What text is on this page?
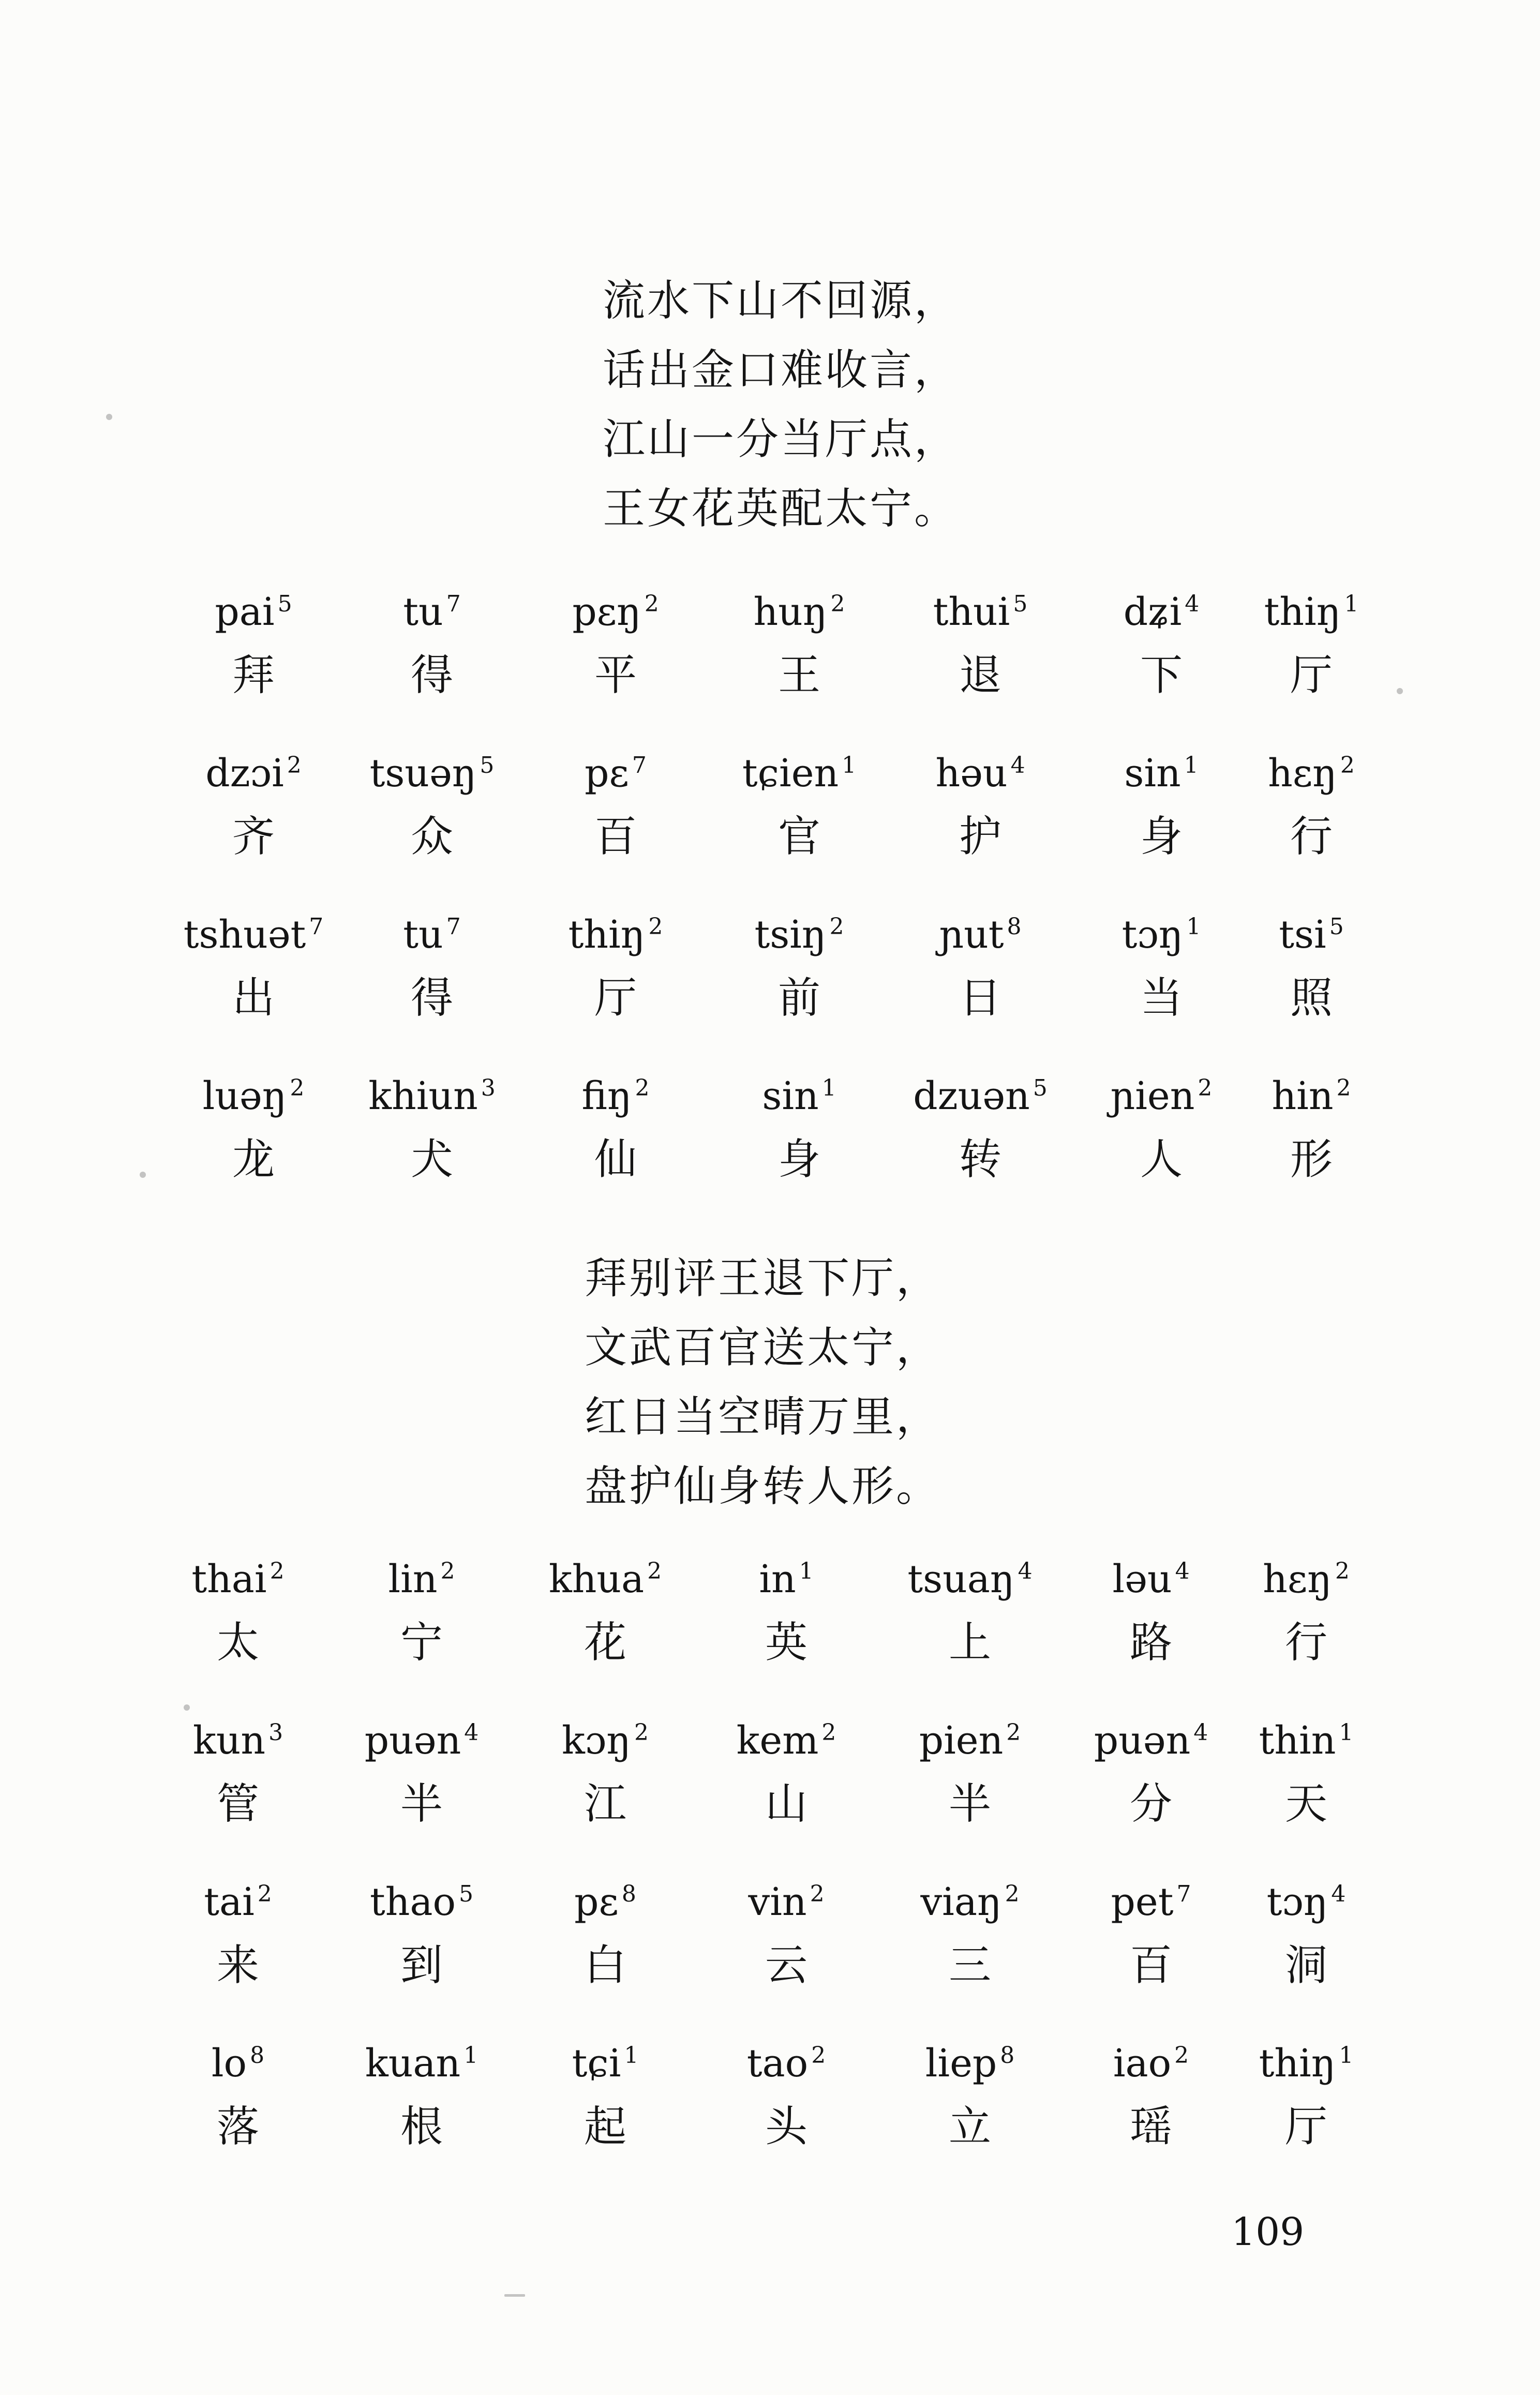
流水下山不回源，
话出金口难收言，
江山一分当厅点，
王女花英配太宁。
pai $^5$
拜
tu $^7$
得
pɛŋ $^2$
平
huŋ $^2$
王
thui $^5$
退
dʑi $^4$
下
thiŋ $^1$
厅
dzɔi $^2$
齐
tsuəŋ $^5$
众
pɛ $^7$
百
tɕien $^1$
官
həu $^4$
护
sin $^1$
身
hɛŋ $^2$
行
tshuət $^7$
出
tu $^7$
得
thiŋ $^2$
厅
tsiŋ $^2$
前
ɲut $^8$
日
tɔŋ $^1$
当
tsi $^5$
照
luəŋ $^2$
龙
khiun $^3$
犬
fiŋ $^2$
仙
sin $^1$
身
dzuən $^5$
转
ɲien $^2$
人
hin $^2$
形
拜别评王退下厅，
文武百官送太宁，
红日当空晴万里，
盘护仙身转人形。
thai $^2$
太
lin $^2$
宁
khua $^2$
花
in $^1$
英
tsuaŋ $^4$
上
ləu $^4$
路
hɛŋ $^2$
行
kun $^3$
管
puən $^4$
半
kɔŋ $^2$
江
kem $^2$
山
pien $^2$
半
puən $^4$
分
thin $^1$
天
tai $^2$
来
thao $^5$
到
pɛ $^8$
白
vin $^2$
云
viaŋ $^2$
三
pet $^7$
百
tɔŋ $^4$
洞
lo $^8$
落
kuan $^1$
根
tɕi $^1$
起
tao $^2$
头
liep $^8$
立
iao $^2$
瑶
thiŋ $^1$
厅
109
